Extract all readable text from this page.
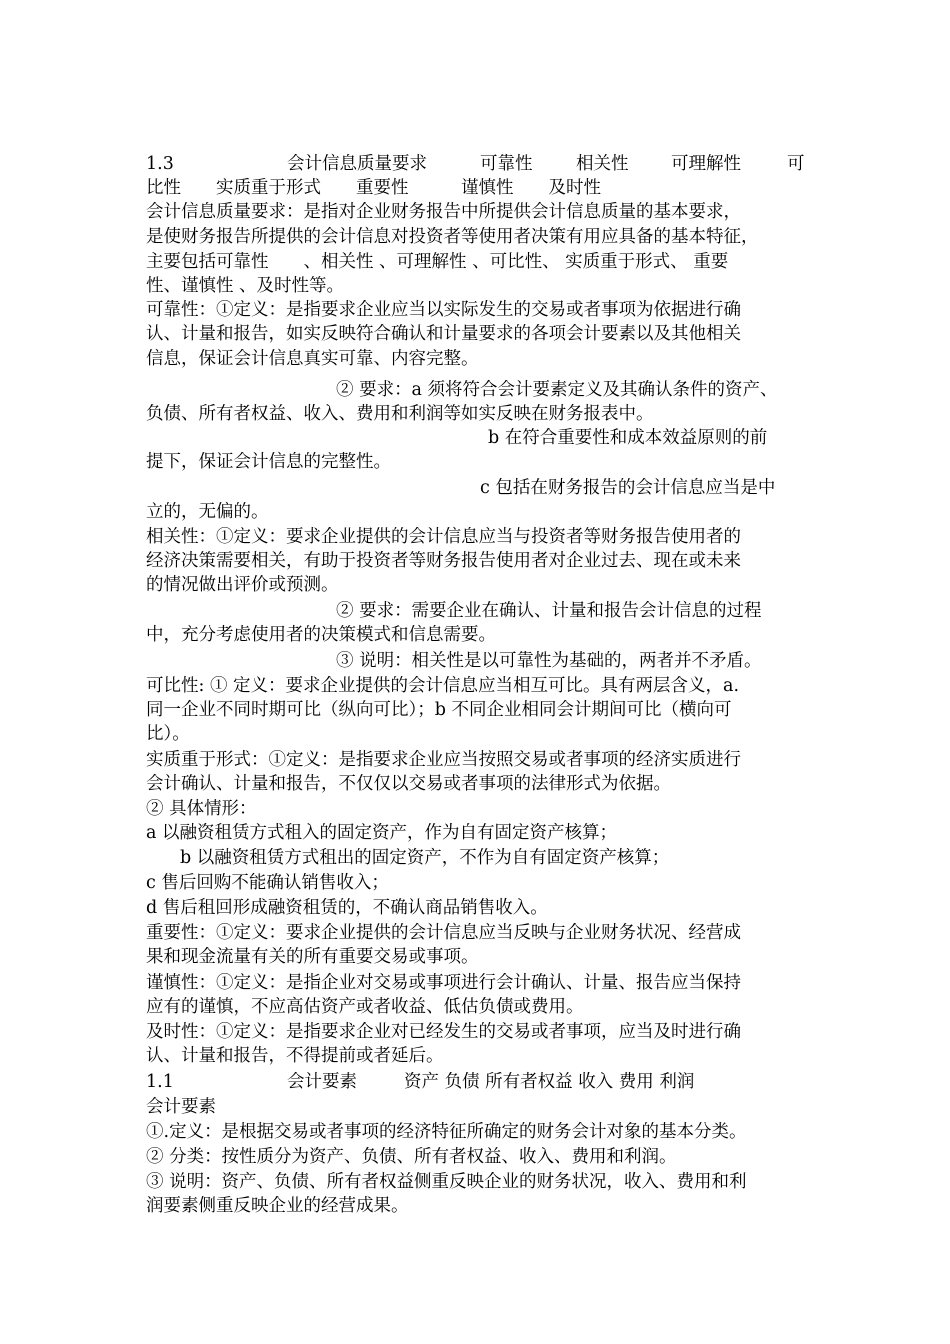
1.3

	会计信息质量要求

	可靠性

相关性

可理解性

	可

比性　　实质重于形式　　重要性　　　谨慎性　　及时性
会计信息质量要求：是指对企业财务报告中所提供会计信息质量的基本要求，
是使财务报告所提供的会计信息对投资者等使用者决策有用应具备的基本特征，
主要包括可靠性　　、相关性 、可理解性 、可比性、 实质重于形式、 重要
性、谨慎性 、及时性等。
可靠性：①定义：是指要求企业应当以实际发生的交易或者事项为依据进行确
认、计量和报告，如实反映符合确认和计量要求的各项会计要素以及其他相关
信息，保证会计信息真实可靠、内容完整。
② 要求：a 须将符合会计要素定义及其确认条件的资产、
负债、所有者权益、收入、费用和利润等如实反映在财务报表中。
b 在符合重要性和成本效益原则的前
提下，保证会计信息的完整性。
c 包括在财务报告的会计信息应当是中
立的，无偏的。
相关性：①定义：要求企业提供的会计信息应当与投资者等财务报告使用者的
经济决策需要相关，有助于投资者等财务报告使用者对企业过去、现在或未来
的情况做出评价或预测。
② 要求：需要企业在确认、计量和报告会计信息的过程
中，充分考虑使用者的决策模式和信息需要。
③ 说明：相关性是以可靠性为基础的，两者并不矛盾。
可比性: ① 定义：要求企业提供的会计信息应当相互可比。具有两层含义，a.
同一企业不同时期可比（纵向可比）；b 不同企业相同会计期间可比（横向可
比）。
实质重于形式：①定义：是指要求企业应当按照交易或者事项的经济实质进行
会计确认、计量和报告，不仅仅以交易或者事项的法律形式为依据。
② 具体情形：
a 以融资租赁方式租入的固定资产，作为自有固定资产核算；
b 以融资租赁方式租出的固定资产，不作为自有固定资产核算；
c 售后回购不能确认销售收入；
d 售后租回形成融资租赁的，不确认商品销售收入。
重要性：①定义：要求企业提供的会计信息应当反映与企业财务状况、经营成
果和现金流量有关的所有重要交易或事项。
谨慎性：①定义：是指企业对交易或事项进行会计确认、计量、报告应当保持
应有的谨慎，不应高估资产或者收益、低估负债或费用。
及时性：①定义：是指要求企业对已经发生的交易或者事项，应当及时进行确
认、计量和报告，不得提前或者延后。

1.1

	会计要素

	资产 负债 所有者权益 收入 费用 利润

会计要素
①.定义：是根据交易或者事项的经济特征所确定的财务会计对象的基本分类。
② 分类：按性质分为资产、负债、所有者权益、收入、费用和利润。
③ 说明：资产、负债、所有者权益侧重反映企业的财务状况，收入、费用和利
润要素侧重反映企业的经营成果。
